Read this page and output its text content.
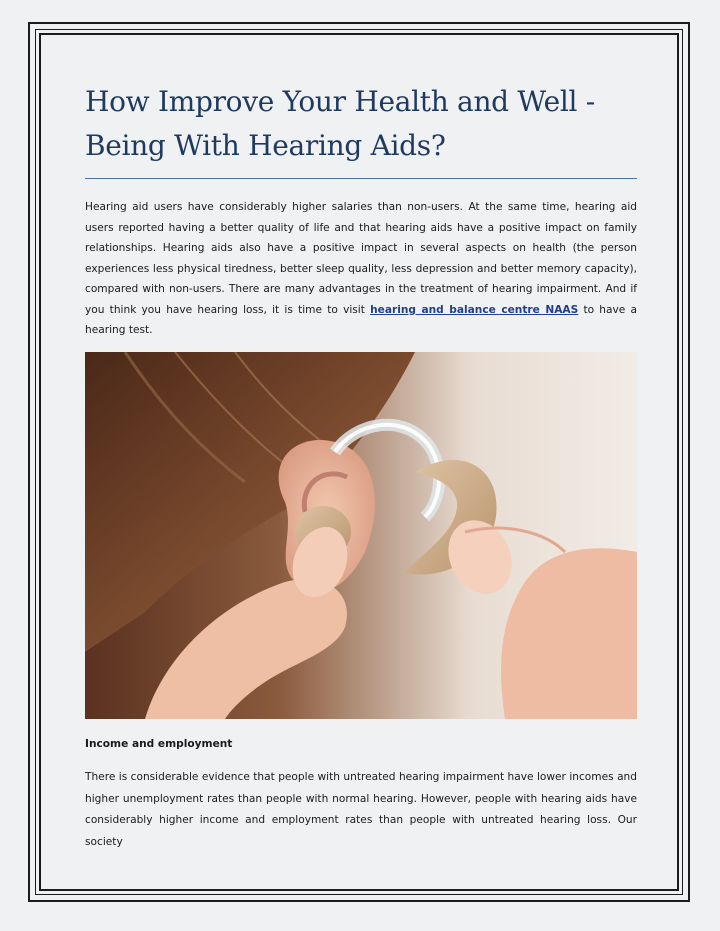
How Improve Your Health and Well -
Being With Hearing Aids?

Hearing aid users have considerably higher salaries than non-users. At the same time, hearing aid users reported having a better quality of life and that hearing aids have a positive impact on family relationships. Hearing aids also have a positive impact in several aspects on health (the person experiences less physical tiredness, better sleep quality, less depression and better memory capacity), compared with non-users. There are many advantages in the treatment of hearing impairment. And if you think you have hearing loss, it is time to visit hearing and balance centre NAAS to have a hearing test.

Income and employment

There is considerable evidence that people with untreated hearing impairment have lower incomes and higher unemployment rates than people with normal hearing. However, people with hearing aids have considerably higher income and employment rates than people with untreated hearing loss. Our society
